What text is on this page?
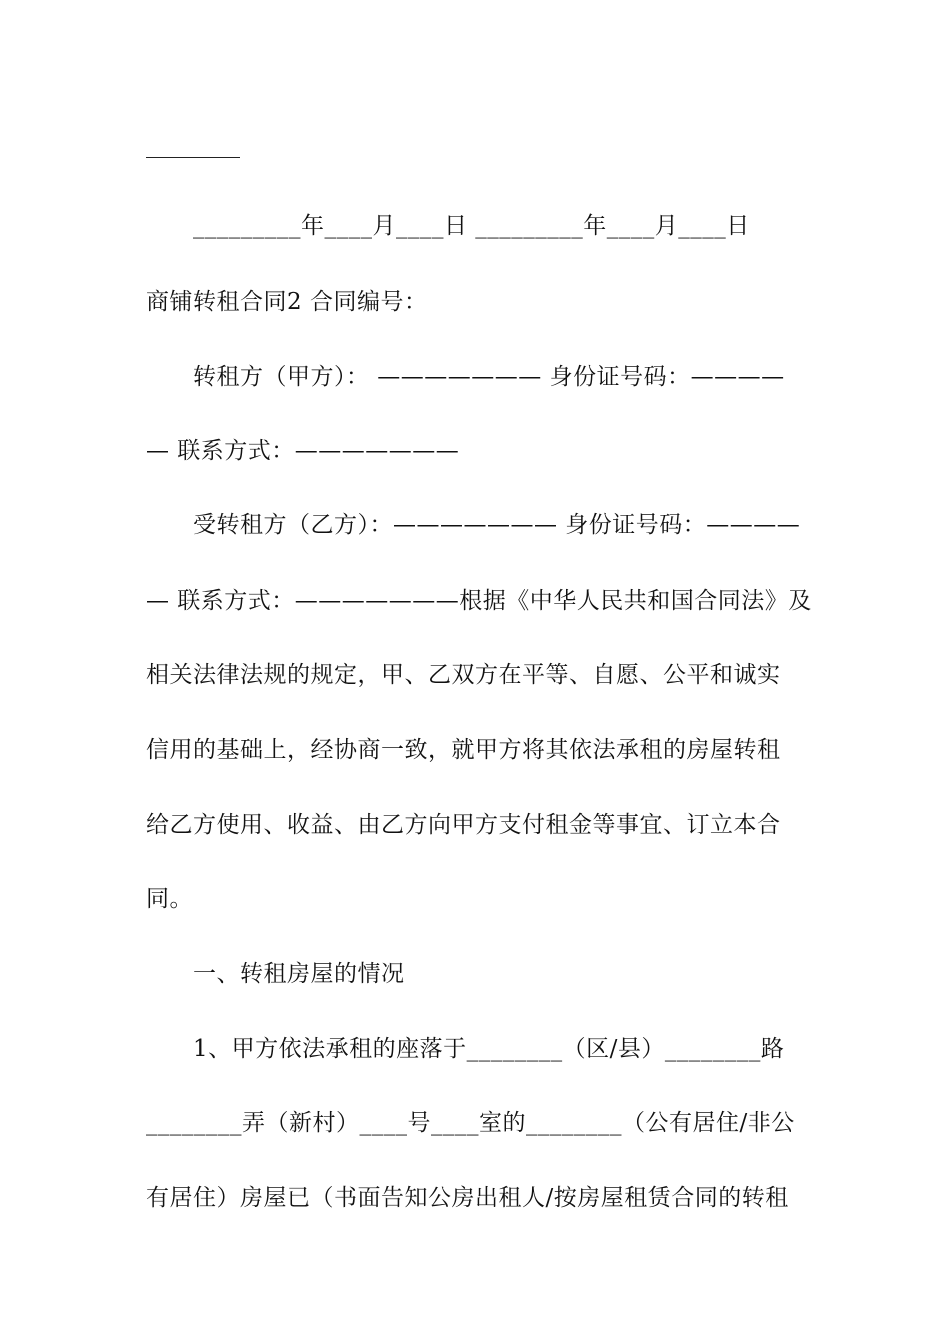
_________年____月____日 _________年____月____日
商铺转租合同2 合同编号：
转租方（甲方）： ——————— 身份证号码：————
— 联系方式：———————
受转租方（乙方）：——————— 身份证号码：————
— 联系方式：———————根据《中华人民共和国合同法》及
相关法律法规的规定，甲、乙双方在平等、自愿、公平和诚实
信用的基础上，经协商一致，就甲方将其依法承租的房屋转租
给乙方使用、收益、由乙方向甲方支付租金等事宜、订立本合
同。
一、转租房屋的情况
1、甲方依法承租的座落于________（区/县）________路
________弄（新村）____号____室的________（公有居住/非公
有居住）房屋已（书面告知公房出租人/按房屋租赁合同的转租
